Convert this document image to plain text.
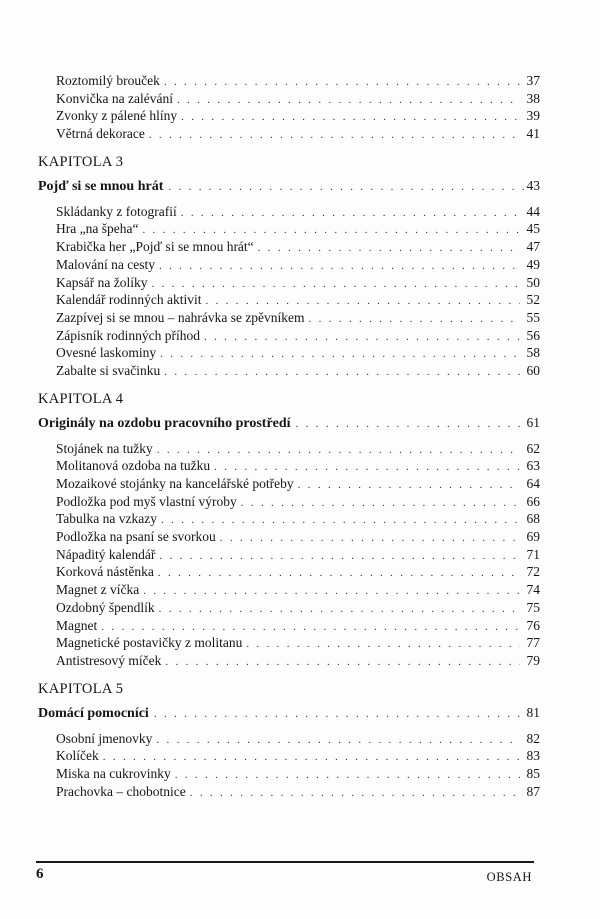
Roztomilý brouček . . .	37
Konvička na zalévání . . .	38
Zvonky z pálené hlíny . . .	39
Větrná dekorace . . .	41
KAPITOLA 3
Pojď si se mnou hrát . . .	43
Skládanky z fotografií . . .	44
Hra „na špeha“ . . .	45
Krabička her „Pojď si se mnou hrát“ . . .	47
Malování na cesty . . .	49
Kapsář na žolíky . . .	50
Kalendář rodinných aktivit . . .	52
Zazpívej si se mnou – nahrávka se zpěvníkem . . .	55
Zápisník rodinných příhod . . .	56
Ovesné laskominy . . .	58
Zabalte si svačinku . . .	60
KAPITOLA 4
Originály na ozdobu pracovního prostředí . . .	61
Stojánek na tužky . . .	62
Molitanová ozdoba na tužku . . .	63
Mozaikové stojánky na kancelářské potřeby . . .	64
Podložka pod myš vlastní výroby . . .	66
Tabulka na vzkazy . . .	68
Podložka na psaní se svorkou . . .	69
Nápaditý kalendář . . .	71
Korková nástěnka . . .	72
Magnet z víčka . . .	74
Ozdobný špendlík . . .	75
Magnet . . .	76
Magnetické postavičky z molitanu . . .	77
Antistresový míček . . .	79
KAPITOLA 5
Domácí pomocníci . . .	81
Osobní jmenovky . . .	82
Kolíček . . .	83
Miska na cukrovinky . . .	85
Prachovka – chobotnice . . .	87
6	OBSAH
